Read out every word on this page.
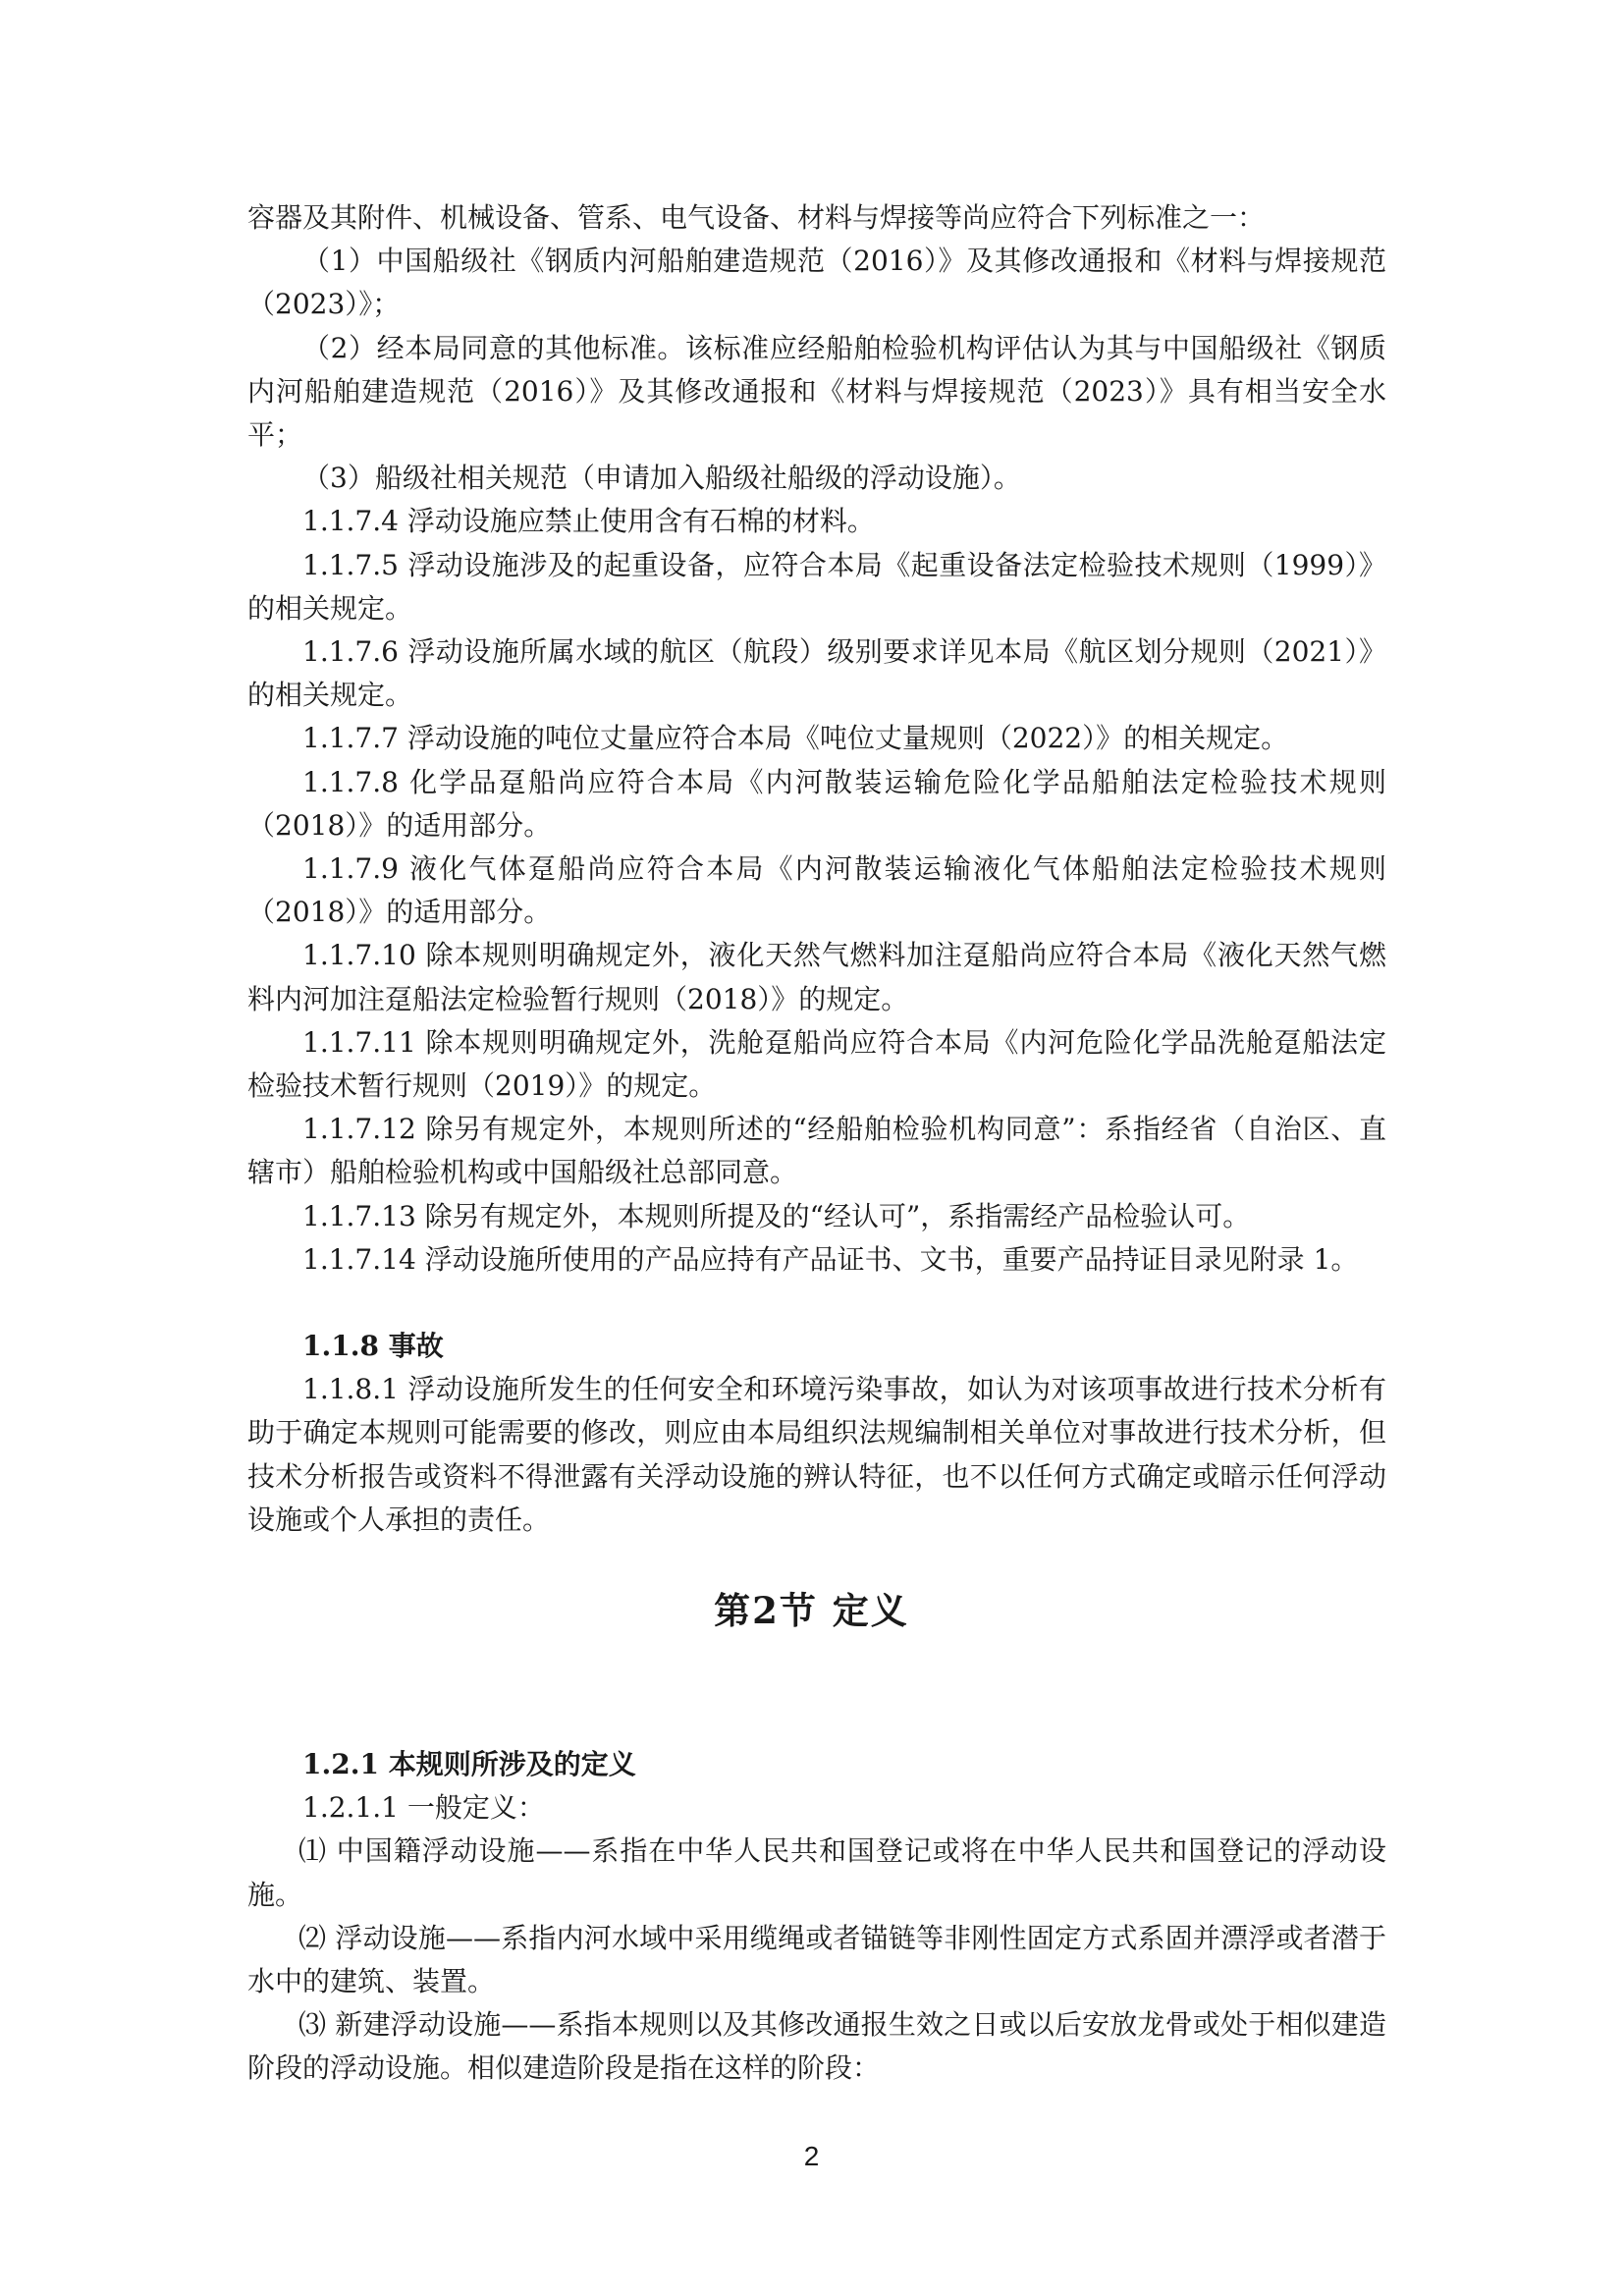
容器及其附件、机械设备、管系、电气设备、材料与焊接等尚应符合下列标准之一：

（1）中国船级社《钢质内河船舶建造规范（2016）》及其修改通报和《材料与焊接规范（2023）》；

（2）经本局同意的其他标准。该标准应经船舶检验机构评估认为其与中国船级社《钢质内河船舶建造规范（2016）》及其修改通报和《材料与焊接规范（2023）》具有相当安全水平；

（3）船级社相关规范（申请加入船级社船级的浮动设施）。

1.1.7.4 浮动设施应禁止使用含有石棉的材料。

1.1.7.5 浮动设施涉及的起重设备，应符合本局《起重设备法定检验技术规则（1999）》的相关规定。

1.1.7.6 浮动设施所属水域的航区（航段）级别要求详见本局《航区划分规则（2021）》的相关规定。

1.1.7.7 浮动设施的吨位丈量应符合本局《吨位丈量规则（2022）》的相关规定。

1.1.7.8 化学品趸船尚应符合本局《内河散装运输危险化学品船舶法定检验技术规则（2018）》的适用部分。

1.1.7.9 液化气体趸船尚应符合本局《内河散装运输液化气体船舶法定检验技术规则（2018）》的适用部分。

1.1.7.10 除本规则明确规定外，液化天然气燃料加注趸船尚应符合本局《液化天然气燃料内河加注趸船法定检验暂行规则（2018）》的规定。

1.1.7.11 除本规则明确规定外，洗舱趸船尚应符合本局《内河危险化学品洗舱趸船法定检验技术暂行规则（2019）》的规定。

1.1.7.12 除另有规定外，本规则所述的“经船舶检验机构同意”：系指经省（自治区、直辖市）船舶检验机构或中国船级社总部同意。

1.1.7.13 除另有规定外，本规则所提及的“经认可”，系指需经产品检验认可。

1.1.7.14 浮动设施所使用的产品应持有产品证书、文书，重要产品持证目录见附录 1。

1.1.8 事故

1.1.8.1 浮动设施所发生的任何安全和环境污染事故，如认为对该项事故进行技术分析有助于确定本规则可能需要的修改，则应由本局组织法规编制相关单位对事故进行技术分析，但技术分析报告或资料不得泄露有关浮动设施的辨认特征，也不以任何方式确定或暗示任何浮动设施或个人承担的责任。

第2节 定义

1.2.1 本规则所涉及的定义

1.2.1.1 一般定义：

⑴ 中国籍浮动设施——系指在中华人民共和国登记或将在中华人民共和国登记的浮动设施。

⑵ 浮动设施——系指内河水域中采用缆绳或者锚链等非刚性固定方式系固并漂浮或者潜于水中的建筑、装置。

⑶ 新建浮动设施——系指本规则以及其修改通报生效之日或以后安放龙骨或处于相似建造阶段的浮动设施。相似建造阶段是指在这样的阶段：

2
